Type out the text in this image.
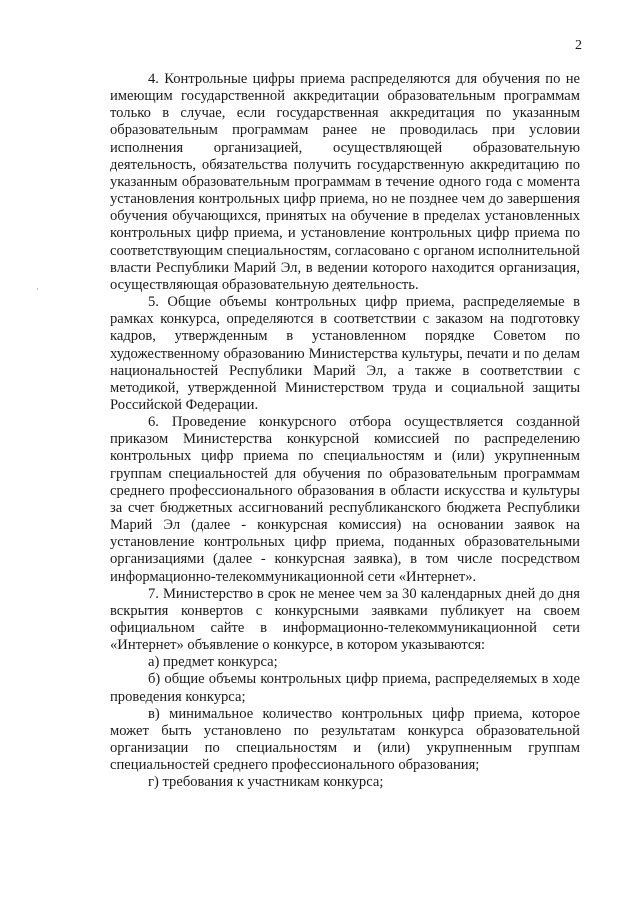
2

4. Контрольные цифры приема распределяются для обучения по не имеющим государственной аккредитации образовательным программам только в случае, если государственная аккредитация по указанным образовательным программам ранее не проводилась при условии исполнения организацией, осуществляющей образовательную деятельность, обязательства получить государственную аккредитацию по указанным образовательным программам в течение одного года с момента установления контрольных цифр приема, но не позднее чем до завершения обучения обучающихся, принятых на обучение в пределах установленных контрольных цифр приема, и установление контрольных цифр приема по соответствующим специальностям, согласовано с органом исполнительной власти Республики Марий Эл, в ведении которого находится организация, осуществляющая образовательную деятельность.

5. Общие объемы контрольных цифр приема, распределяемые в рамках конкурса, определяются в соответствии с заказом на подготовку кадров, утвержденным в установленном порядке Советом по художественному образованию Министерства культуры, печати и по делам национальностей Республики Марий Эл, а также в соответствии с методикой, утвержденной Министерством труда и социальной защиты Российской Федерации.

6. Проведение конкурсного отбора осуществляется созданной приказом Министерства конкурсной комиссией по распределению контрольных цифр приема по специальностям и (или) укрупненным группам специальностей для обучения по образовательным программам среднего профессионального образования в области искусства и культуры за счет бюджетных ассигнований республиканского бюджета Республики Марий Эл (далее - конкурсная комиссия) на основании заявок на установление контрольных цифр приема, поданных образовательными организациями (далее - конкурсная заявка), в том числе посредством информационно-телекоммуникационной сети «Интернет».

7. Министерство в срок не менее чем за 30 календарных дней до дня вскрытия конвертов с конкурсными заявками публикует на своем официальном сайте в информационно-телекоммуникационной сети «Интернет» объявление о конкурсе, в котором указываются:

а) предмет конкурса;

б) общие объемы контрольных цифр приема, распределяемых в ходе проведения конкурса;

в) минимальное количество контрольных цифр приема, которое может быть установлено по результатам конкурса образовательной организации по специальностям и (или) укрупненным группам специальностей среднего профессионального образования;

г) требования к участникам конкурса;
